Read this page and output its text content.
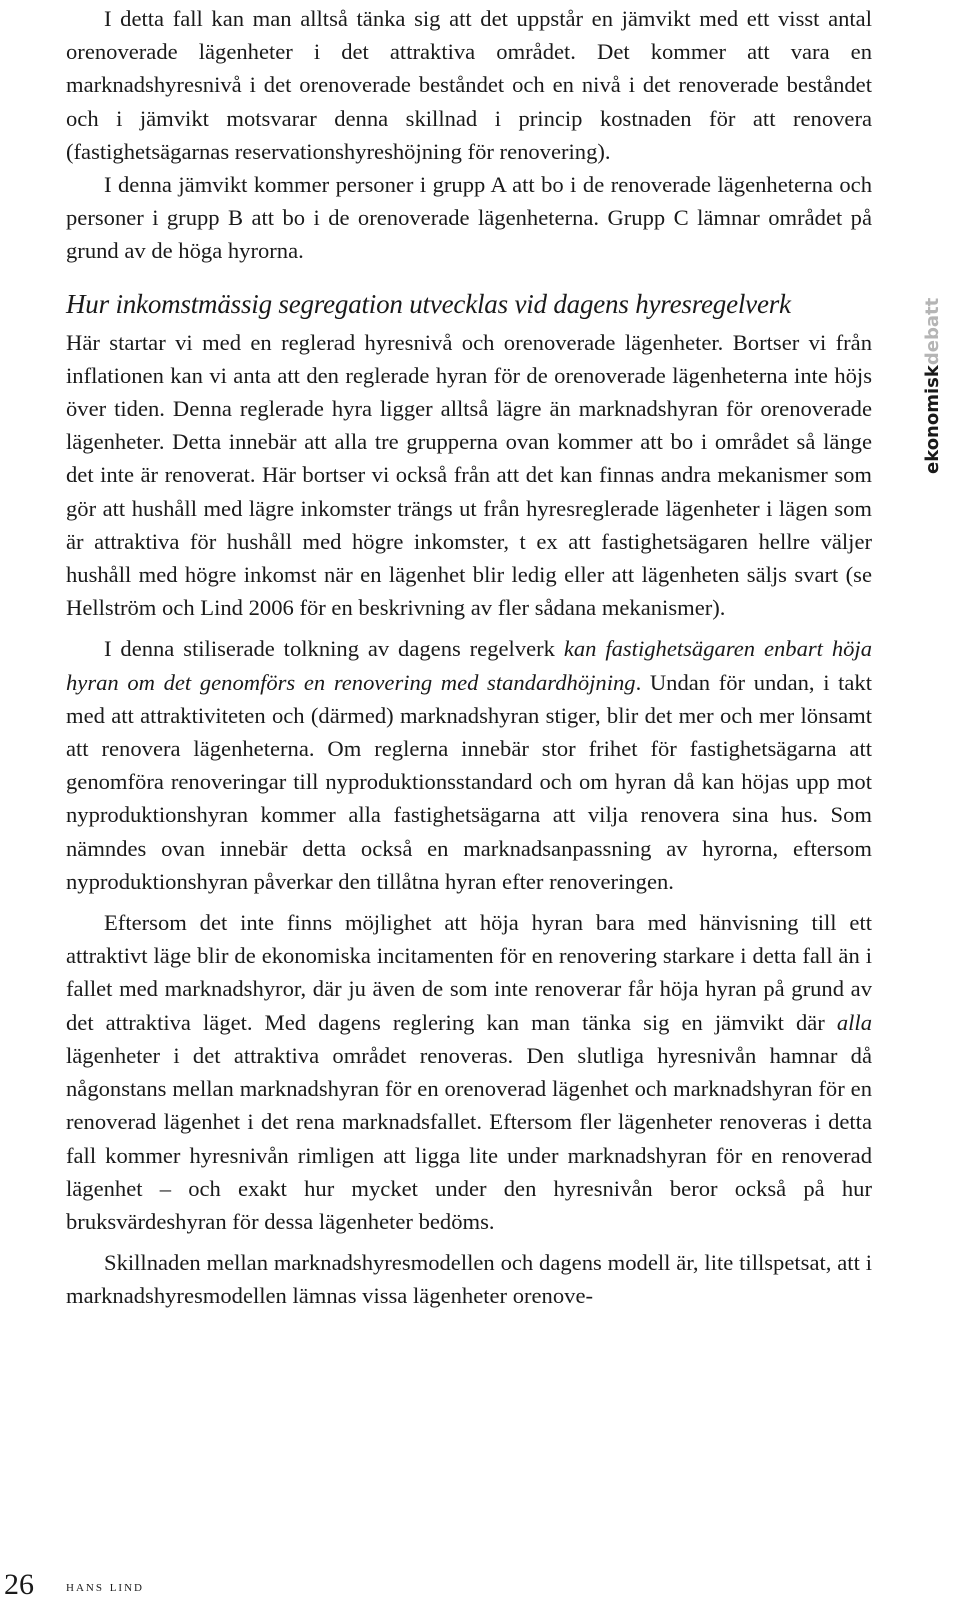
I detta fall kan man alltså tänka sig att det uppstår en jämvikt med ett visst antal orenoverade lägenheter i det attraktiva området. Det kommer att vara en marknadshyresnivå i det orenoverade beståndet och en nivå i det renoverade beståndet och i jämvikt motsvarar denna skillnad i princip kostnaden för att renovera (fastighetsägarnas reservationshyreshöjning för renovering).

I denna jämvikt kommer personer i grupp A att bo i de renoverade lägenheterna och personer i grupp B att bo i de orenoverade lägenheterna. Grupp C lämnar området på grund av de höga hyrorna.

Hur inkomstmässig segregation utvecklas vid dagens hyresregelverk

Här startar vi med en reglerad hyresnivå och orenoverade lägenheter. Bortser vi från inflationen kan vi anta att den reglerade hyran för de orenoverade lägenheterna inte höjs över tiden. Denna reglerade hyra ligger alltså lägre än marknadshyran för orenoverade lägenheter. Detta innebär att alla tre grupperna ovan kommer att bo i området så länge det inte är renoverat. Här bortser vi också från att det kan finnas andra mekanismer som gör att hushåll med lägre inkomster trängs ut från hyresreglerade lägenheter i lägen som är attraktiva för hushåll med högre inkomster, t ex att fastighetsägaren hellre väljer hushåll med högre inkomst när en lägenhet blir ledig eller att lägenheten säljs svart (se Hellström och Lind 2006 för en beskrivning av fler sådana mekanismer).

I denna stiliserade tolkning av dagens regelverk kan fastighetsägaren enbart höja hyran om det genomförs en renovering med standardhöjning. Undan för undan, i takt med att attraktiviteten och (därmed) marknadshyran stiger, blir det mer och mer lönsamt att renovera lägenheterna. Om reglerna innebär stor frihet för fastighetsägarna att genomföra renoveringar till nyproduktionsstandard och om hyran då kan höjas upp mot nyproduktionshyran kommer alla fastighetsägarna att vilja renovera sina hus. Som nämndes ovan innebär detta också en marknadsanpassning av hyrorna, eftersom nyproduktionshyran påverkar den tillåtna hyran efter renoveringen.

Eftersom det inte finns möjlighet att höja hyran bara med hänvisning till ett attraktivt läge blir de ekonomiska incitamenten för en renovering starkare i detta fall än i fallet med marknadshyror, där ju även de som inte renoverar får höja hyran på grund av det attraktiva läget. Med dagens reglering kan man tänka sig en jämvikt där alla lägenheter i det attraktiva området renoveras. Den slutliga hyresnivån hamnar då någonstans mellan marknadshyran för en orenoverad lägenhet och marknadshyran för en renoverad lägenhet i det rena marknadsfallet. Eftersom fler lägenheter renoveras i detta fall kommer hyresnivån rimligen att ligga lite under marknadshyran för en renoverad lägenhet – och exakt hur mycket under den hyresnivån beror också på hur bruksvärdeshyran för dessa lägenheter bedöms.

Skillnaden mellan marknadshyresmodellen och dagens modell är, lite tillspetsat, att i marknadshyresmodellen lämnas vissa lägenheter orenove-

ekonomiskdebatt
26 hans lind
